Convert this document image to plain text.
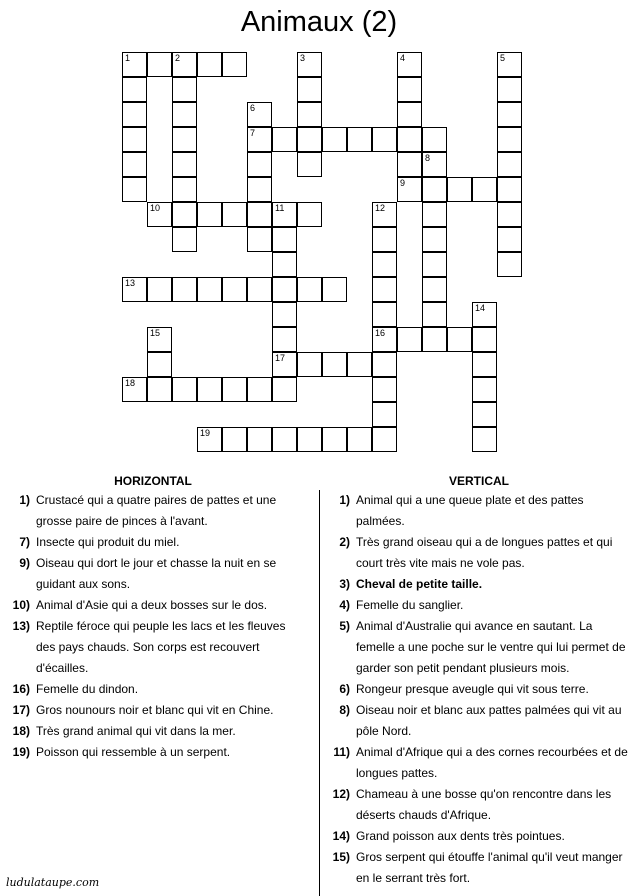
Animaux (2)
1	2	3	4
9
5
6
7
8
10	11
17
12
16
13
14
15
18
19
HORIZONTAL	VERTICAL
1) Crustacé qui a quatre paires de pattes et une grosse paire de pinces à l'avant.
7) Insecte qui produit du miel.
9) Oiseau qui dort le jour et chasse la nuit en se guidant aux sons.
10) Animal d'Asie qui a deux bosses sur le dos.
13) Reptile féroce qui peuple les lacs et les fleuves des pays chauds. Son corps est recouvert d'écailles.
16) Femelle du dindon.
17) Gros nounours noir et blanc qui vit en Chine.
18) Très grand animal qui vit dans la mer.
19) Poisson qui ressemble à un serpent.
1) Animal qui a une queue plate et des pattes palmées.
2) Très grand oiseau qui a de longues pattes et qui court très vite mais ne vole pas.
3) Cheval de petite taille.
4) Femelle du sanglier.
5) Animal d'Australie qui avance en sautant. La femelle a une poche sur le ventre qui lui permet de garder son petit pendant plusieurs mois.
6) Rongeur presque aveugle qui vit sous terre.
8) Oiseau noir et blanc aux pattes palmées qui vit au pôle Nord.
11) Animal d'Afrique qui a des cornes recourbées et de longues pattes.
12) Chameau à une bosse qu'on rencontre dans les déserts chauds d'Afrique.
14) Grand poisson aux dents très pointues.
15) Gros serpent qui étouffe l'animal qu'il veut manger en le serrant très fort.
ludulataupe.com
